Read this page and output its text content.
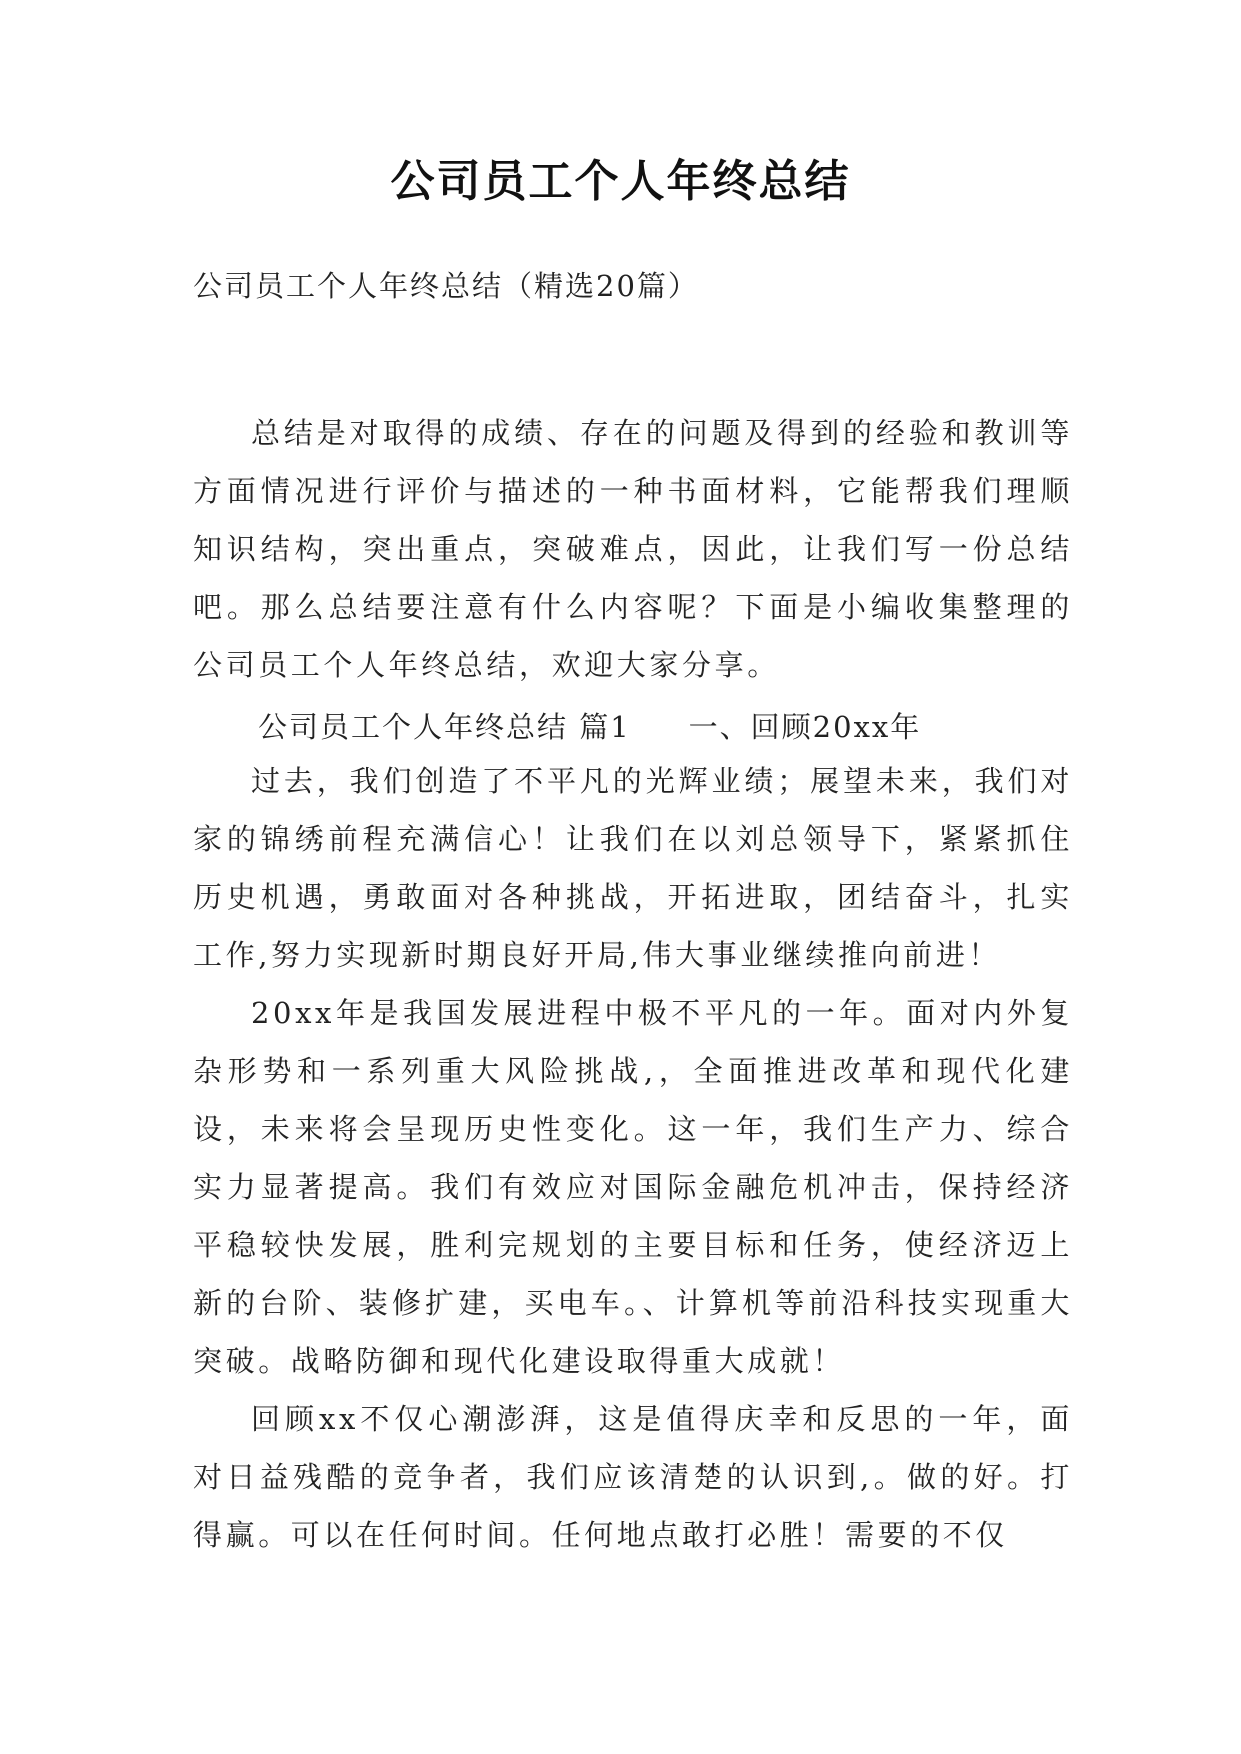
公司员工个人年终总结
公司员工个人年终总结（精选20篇）

总结是对取得的成绩、存在的问题及得到的经验和教训等方面情况进行评价与描述的一种书面材料，它能帮我们理顺知识结构，突出重点，突破难点，因此，让我们写一份总结吧。那么总结要注意有什么内容呢？下面是小编收集整理的公司员工个人年终总结，欢迎大家分享。

公司员工个人年终总结 篇1 一、回顾20xx年

过去，我们创造了不平凡的光辉业绩；展望未来，我们对家的锦绣前程充满信心！让我们在以刘总领导下，紧紧抓住历史机遇，勇敢面对各种挑战，开拓进取，团结奋斗，扎实工作,努力实现新时期良好开局,伟大事业继续推向前进！

20xx年是我国发展进程中极不平凡的一年。面对内外复杂形势和一系列重大风险挑战,，全面推进改革和现代化建设，未来将会呈现历史性变化。这一年，我们生产力、综合实力显著提高。我们有效应对国际金融危机冲击，保持经济平稳较快发展，胜利完规划的主要目标和任务，使经济迈上新的台阶、装修扩建，买电车。、计算机等前沿科技实现重大突破。战略防御和现代化建设取得重大成就！

回顾xx不仅心潮澎湃，这是值得庆幸和反思的一年，面对日益残酷的竞争者，我们应该清楚的认识到,。做的好。打得赢。可以在任何时间。任何地点敢打必胜！需要的不仅
